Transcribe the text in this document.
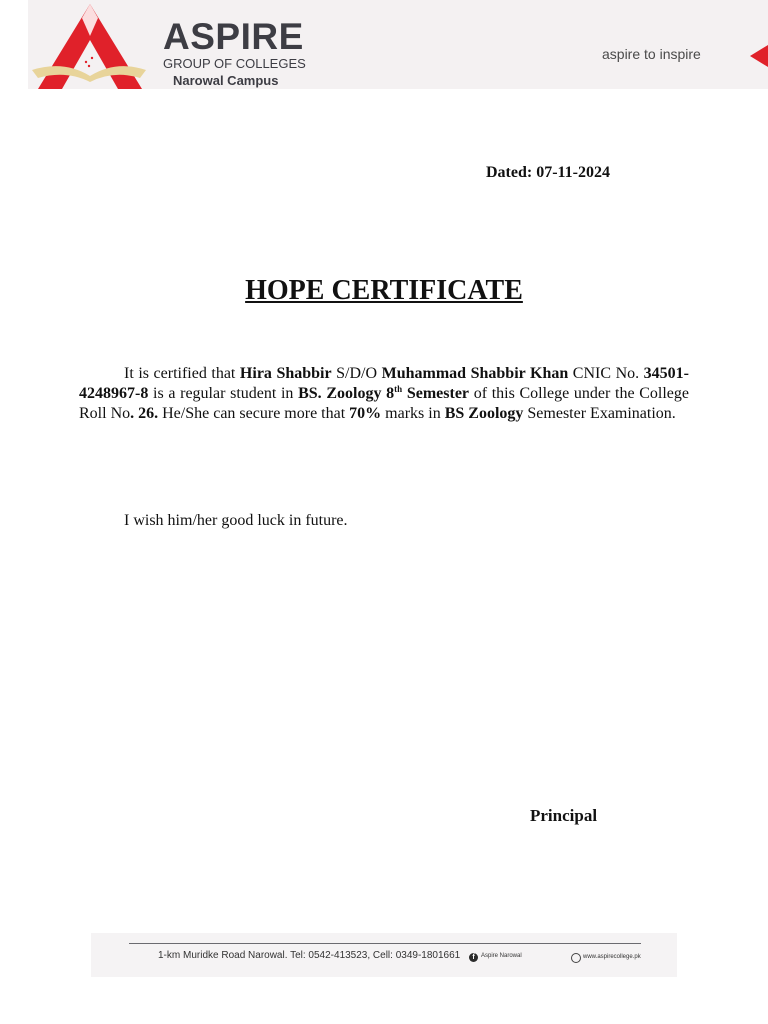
ASPIRE
GROUP OF COLLEGES
Narowal Campus
aspire to inspire
Dated: 07-11-2024
HOPE CERTIFICATE
It is certified that Hira Shabbir S/D/O Muhammad Shabbir Khan CNIC No. 34501-4248967-8 is a regular student in BS. Zoology 8th Semester of this College under the College Roll No. 26. He/She can secure more that 70% marks in BS Zoology Semester Examination.
I wish him/her good luck in future.
Principal
1-km Muridke Road Narowal. Tel: 0542-413523, Cell: 0349-1801661	f	Aspire Narowal	www.aspirecollege.pk
